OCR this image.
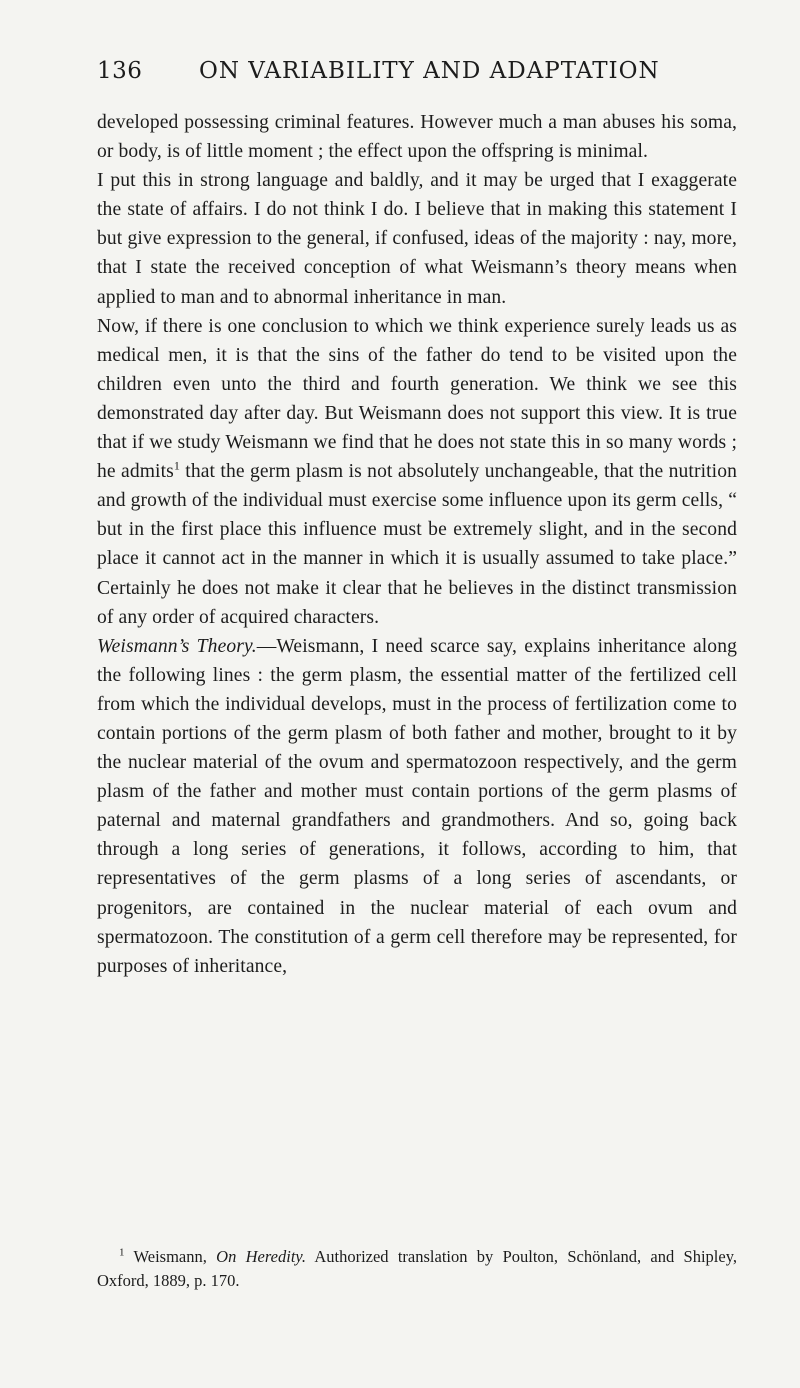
136 ON VARIABILITY AND ADAPTATION

developed possessing criminal features. However much a man abuses his soma, or body, is of little moment ; the effect upon the offspring is minimal.

I put this in strong language and baldly, and it may be urged that I exaggerate the state of affairs. I do not think I do. I believe that in making this statement I but give expression to the general, if confused, ideas of the majority : nay, more, that I state the received conception of what Weismann’s theory means when applied to man and to abnormal inheritance in man.

Now, if there is one conclusion to which we think experience surely leads us as medical men, it is that the sins of the father do tend to be visited upon the children even unto the third and fourth generation. We think we see this demonstrated day after day. But Weismann does not support this view. It is true that if we study Weismann we find that he does not state this in so many words ; he admits$^1$ that the germ plasm is not absolutely unchangeable, that the nutrition and growth of the individual must exercise some influence upon its germ cells, “ but in the first place this influence must be extremely slight, and in the second place it cannot act in the manner in which it is usually assumed to take place.” Certainly he does not make it clear that he believes in the distinct transmission of any order of acquired characters.

Weismann’s Theory.—Weismann, I need scarce say, explains inheritance along the following lines : the germ plasm, the essential matter of the fertilized cell from which the individual develops, must in the process of fertilization come to contain portions of the germ plasm of both father and mother, brought to it by the nuclear material of the ovum and spermatozoon respectively, and the germ plasm of the father and mother must contain portions of the germ plasms of paternal and maternal grandfathers and grandmothers. And so, going back through a long series of generations, it follows, according to him, that representatives of the germ plasms of a long series of ascendants, or progenitors, are contained in the nuclear material of each ovum and spermatozoon. The constitution of a germ cell therefore may be represented, for purposes of inheritance,

$^1$ Weismann, On Heredity. Authorized translation by Poulton, Schönland, and Shipley, Oxford, 1889, p. 170.
